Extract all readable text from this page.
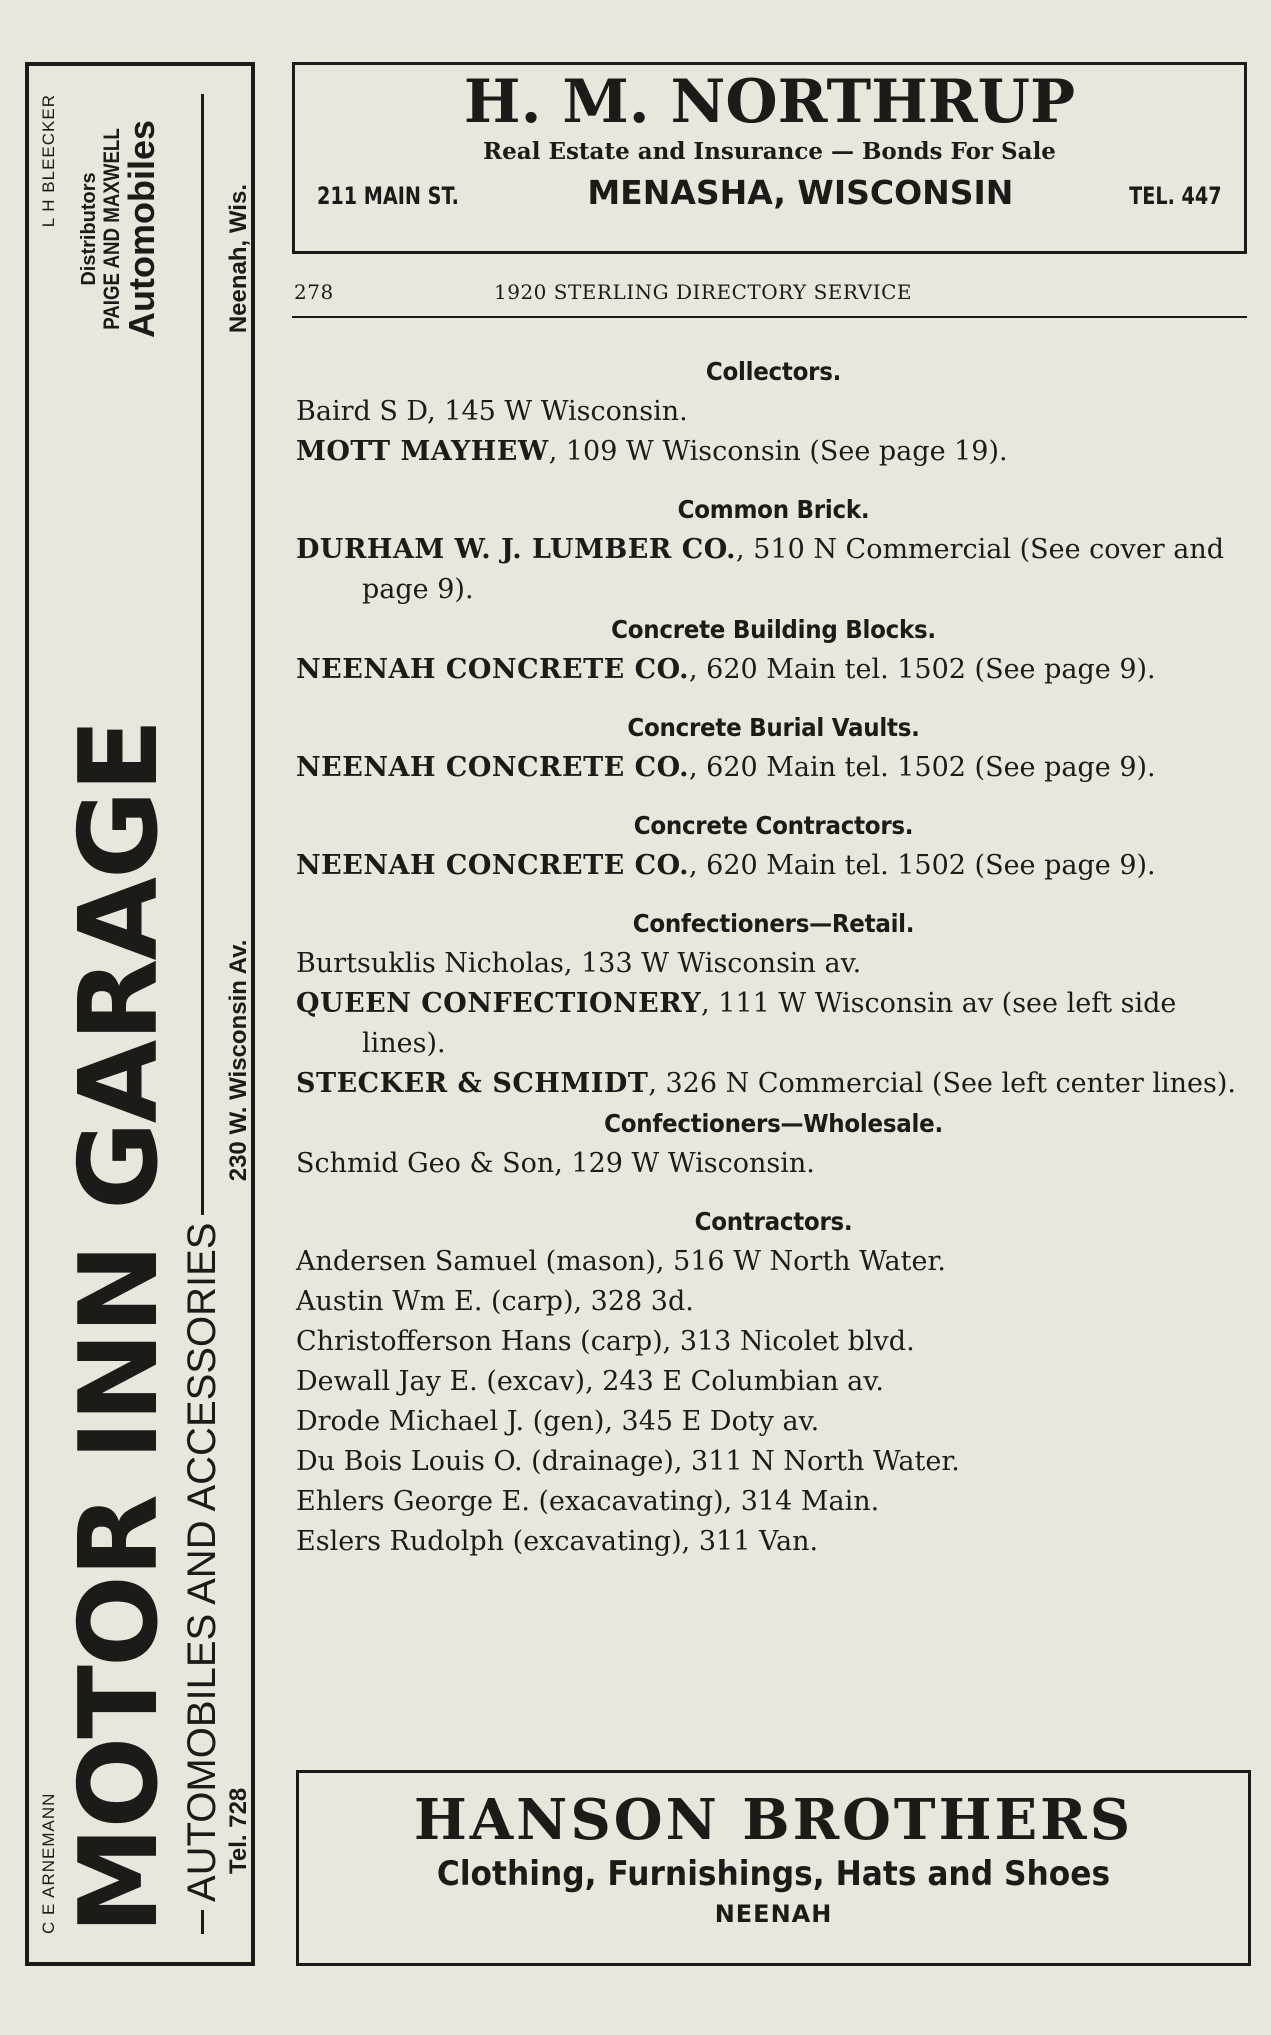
C E ARNEMANN
L H BLEECKER
MOTOR INN GARAGE
Distributors PAIGE AND MAXWELL
Automobiles
AUTOMOBILES AND ACCESSORIES Tel. 728
230 W. Wisconsin Av.
Neenah, Wis.
H. M. NORTHRUP
Real Estate and Insurance — Bonds For Sale
211 MAIN ST.	MENASHA, WISCONSIN	TEL. 447
278	1920 STERLING DIRECTORY SERVICE
Collectors.
Baird S D, 145 W Wisconsin.
MOTT MAYHEW, 109 W Wisconsin (See page 19).
Common Brick.
DURHAM W. J. LUMBER CO., 510 N Commercial (See cover and page 9).
Concrete Building Blocks.
NEENAH CONCRETE CO., 620 Main tel. 1502 (See page 9).
Concrete Burial Vaults.
NEENAH CONCRETE CO., 620 Main tel. 1502 (See page 9).
Concrete Contractors.
NEENAH CONCRETE CO., 620 Main tel. 1502 (See page 9).
Confectioners—Retail.
Burtsuklis Nicholas, 133 W Wisconsin av.
QUEEN CONFECTIONERY, 111 W Wisconsin av (see left side lines).
STECKER & SCHMIDT, 326 N Commercial (See left center lines).
Confectioners—Wholesale.
Schmid Geo & Son, 129 W Wisconsin.
Contractors.
Andersen Samuel (mason), 516 W North Water.
Austin Wm E. (carp), 328 3d.
Christofferson Hans (carp), 313 Nicolet blvd.
Dewall Jay E. (excav), 243 E Columbian av.
Drode Michael J. (gen), 345 E Doty av.
Du Bois Louis O. (drainage), 311 N North Water.
Ehlers George E. (exacavating), 314 Main.
Eslers Rudolph (excavating), 311 Van.
HANSON BROTHERS
Clothing, Furnishings, Hats and Shoes
NEENAH
